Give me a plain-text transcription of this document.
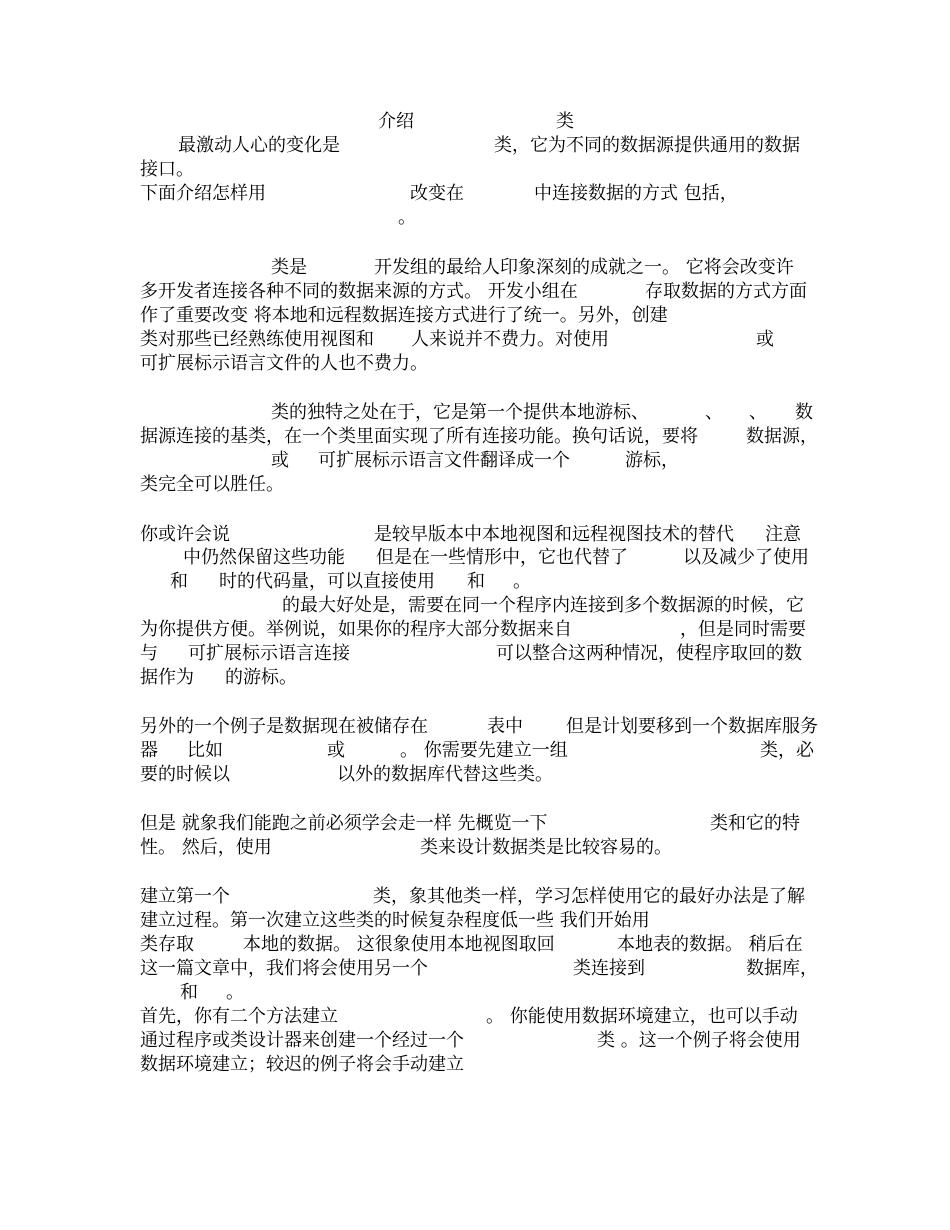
介绍	类
最激动人心的变化是	类，它为不同的数据源提供通用的数据
接口。
下面介绍怎样用	改变在	中连接数据的方式 包括，
。
类是	开发组的最给人印象深刻的成就之一。 它将会改变许
多开发者连接各种不同的数据来源的方式。 开发小组在	存取数据的方式方面
作了重要改变 将本地和远程数据连接方式进行了统一。另外，创建
类对那些已经熟练使用视图和 人来说并不费力。对使用	或
可扩展标示语言文件的人也不费力。
类的独特之处在于，它是第一个提供本地游标、	、 、 数
据源连接的基类，在一个类里面实现了所有连接功能。换句话说，要将	数据源，
或 可扩展标示语言文件翻译成一个	游标，
类完全可以胜任。
你或许会说	是较早版本中本地视图和远程视图技术的替代 注意
中仍然保留这些功能 但是在一些情形中，它也代替了	以及减少了使用
和 时的代码量，可以直接使用 和 。
的最大好处是，需要在同一个程序内连接到多个数据源的时候，它
为你提供方便。举例说，如果你的程序大部分数据来自	，但是同时需要
与 可扩展标示语言连接	可以整合这两种情况，使程序取回的数
据作为 的游标。
另外的一个例子是数据现在被储存在	表中 但是计划要移到一个数据库服务
器 比如	或	。 你需要先建立一组	类，必
要的时候以	以外的数据库代替这些类。
但是 就象我们能跑之前必须学会走一样 先概览一下	类和它的特
性。 然后，使用	类来设计数据类是比较容易的。
建立第一个	类，象其他类一样，学习怎样使用它的最好办法是了解
建立过程。第一次建立这些类的时候复杂程度低一些 我们开始用
类存取	本地的数据。 这很象使用本地视图取回	本地表的数据。 稍后在
这一篇文章中，我们将会使用另一个	类连接到	数据库，
和 。
首先，你有二个方法建立	。 你能使用数据环境建立，也可以手动
通过程序或类设计器来创建一个经过一个	类 。这一个例子将会使用
数据环境建立；较迟的例子将会手动建立
